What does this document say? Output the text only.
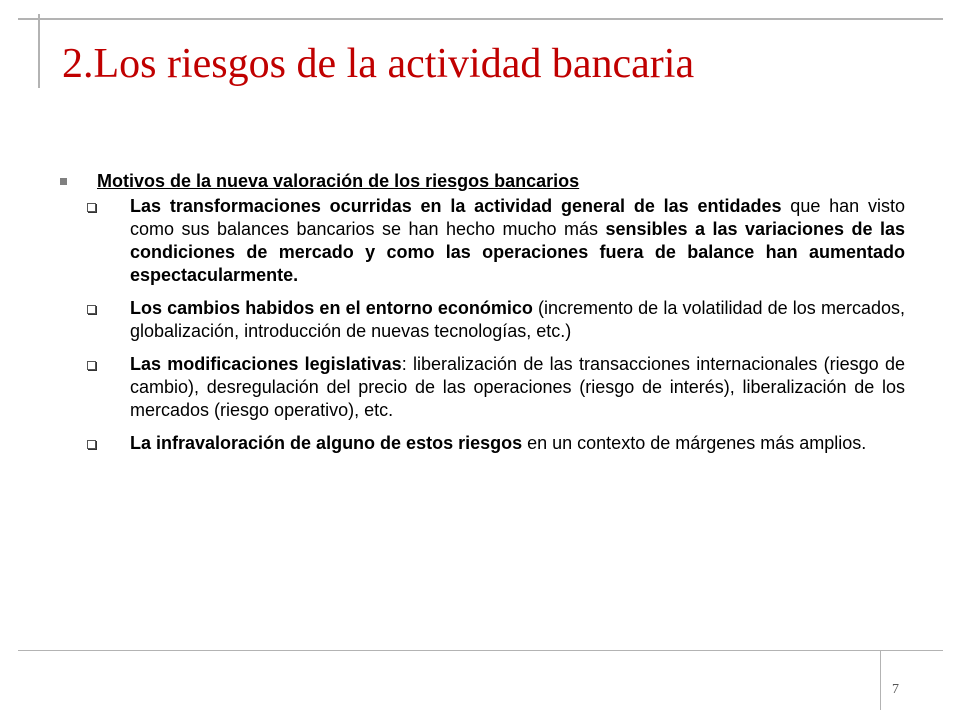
2.Los riesgos de la actividad bancaria
Motivos de la nueva valoración de los riesgos bancarios
Las transformaciones ocurridas en la actividad general de las entidades que han visto como sus balances bancarios se han hecho mucho más sensibles a las variaciones de las condiciones de mercado y como las operaciones fuera de balance han aumentado espectacularmente.
Los cambios habidos en el entorno económico (incremento de la volatilidad de los mercados, globalización, introducción de nuevas tecnologías, etc.)
Las modificaciones legislativas: liberalización de las transacciones internacionales (riesgo de cambio), desregulación del precio de las operaciones (riesgo de interés), liberalización de los mercados (riesgo operativo), etc.
La infravaloración de alguno de estos riesgos en un contexto de márgenes más amplios.
7
